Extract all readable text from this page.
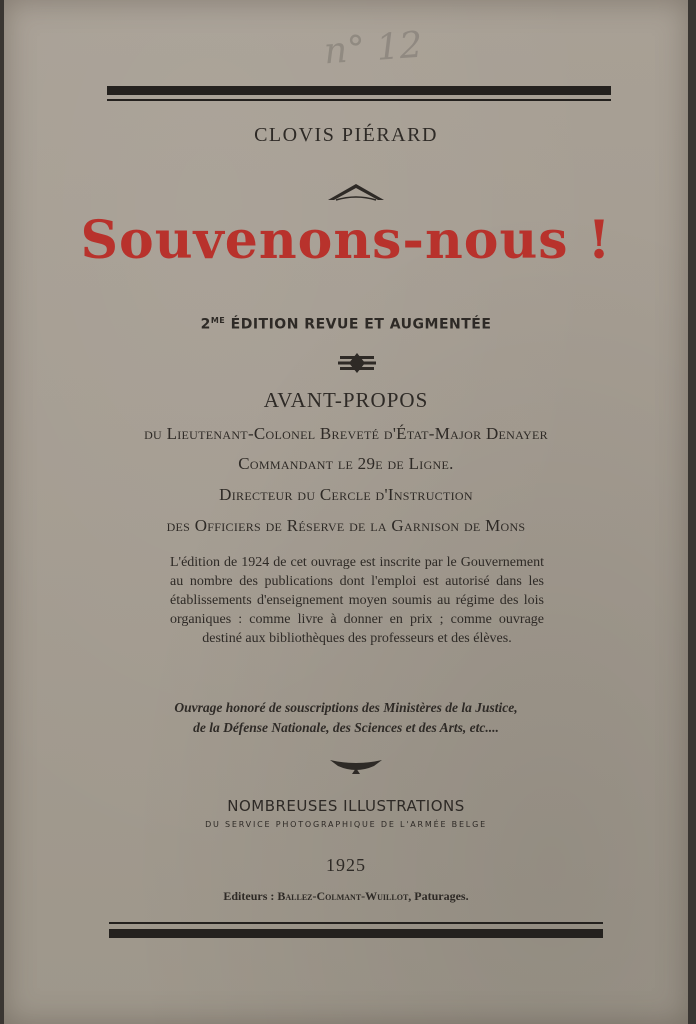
n° 12
CLOVIS PIÉRARD
Souvenons-nous !
$2^{ME}$ ÉDITION REVUE ET AUGMENTÉE
AVANT-PROPOS
du Lieutenant-Colonel Breveté d'État-Major Denayer
Commandant le 29e de Ligne.
Directeur du Cercle d'Instruction
des Officiers de Réserve de la Garnison de Mons
L'édition de 1924 de cet ouvrage est inscrite par le Gouvernement au nombre des publications dont l'emploi est autorisé dans les établissements d'enseignement moyen soumis au régime des lois organiques : comme livre à donner en prix ; comme ouvrage destiné aux bibliothèques des professeurs et des élèves.
Ouvrage honoré de souscriptions des Ministères de la Justice,
de la Défense Nationale, des Sciences et des Arts, etc....
NOMBREUSES ILLUSTRATIONS
DU SERVICE PHOTOGRAPHIQUE DE L'ARMÉE BELGE
1925
Editeurs : Ballez-Colmant-Wuillot, Paturages.
